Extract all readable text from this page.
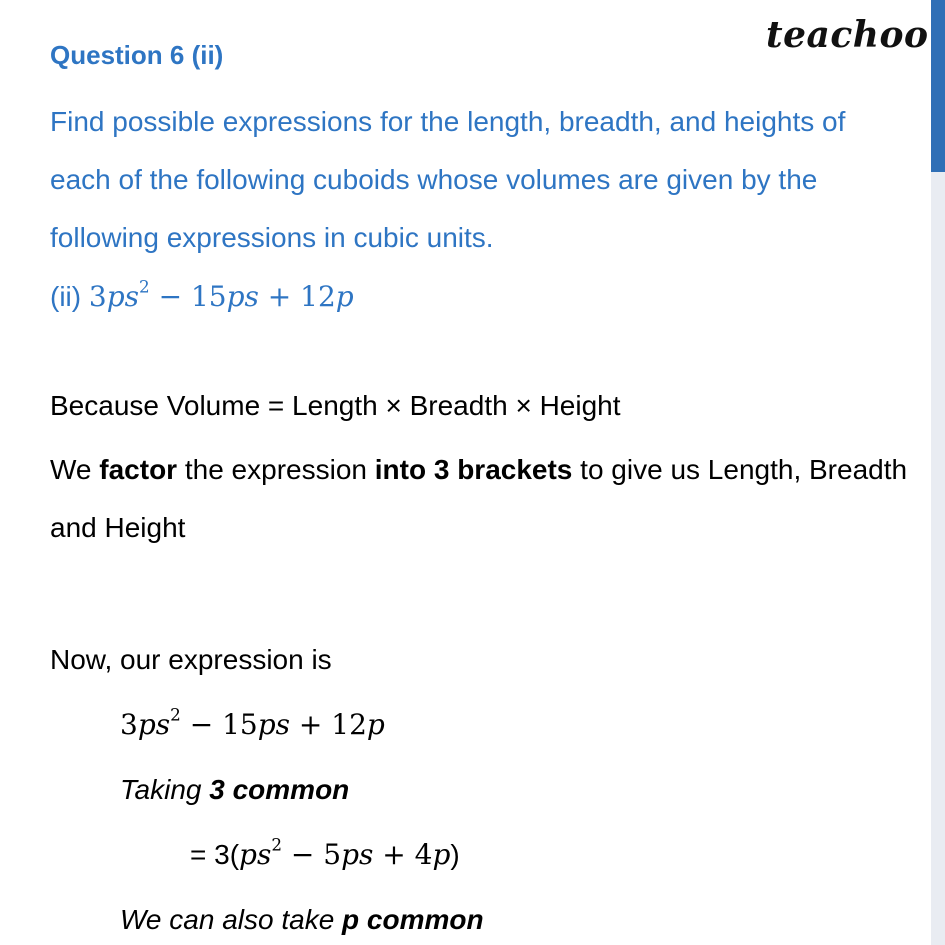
teachoo
Question 6 (ii)
Find possible expressions for the length, breadth, and heights of
each of the following cuboids whose volumes are given by the
following expressions in cubic units.
(ii) $3ps^2 - 15ps + 12p$
Because Volume = Length × Breadth × Height
We factor the expression into 3 brackets to give us Length, Breadth
and Height
Now, our expression is
$3ps^2 - 15ps + 12p$
Taking 3 common
= $3(ps^2 - 5ps + 4p)$
We can also take p common
